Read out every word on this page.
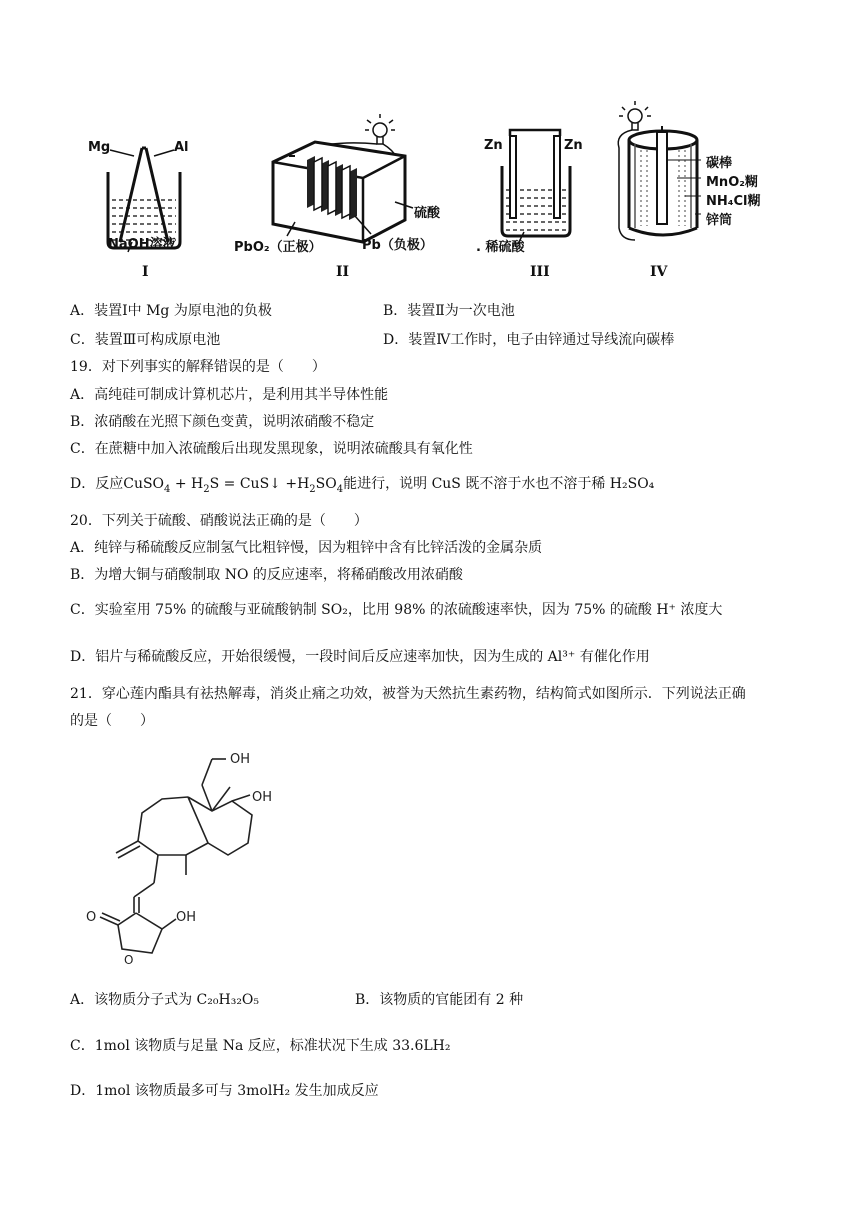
Mg	Al
NaOH溶液
I
硫酸
PbO₂（正极）	Pb（负极）
II
Zn	Zn
. 稀硫酸
III
碳棒
MnO₂糊
NH₄Cl糊
锌筒
IV
A．装置Ⅰ中 Mg 为原电池的负极	B．装置Ⅱ为一次电池
C．装置Ⅲ可构成原电池	D．装置Ⅳ工作时，电子由锌通过导线流向碳棒
19．对下列事实的解释错误的是（　　）
A．高纯硅可制成计算机芯片，是利用其半导体性能
B．浓硝酸在光照下颜色变黄，说明浓硝酸不稳定
C．在蔗糖中加入浓硫酸后出现发黑现象，说明浓硫酸具有氧化性
D．反应CuSO$_4$ + $H_2S$ = CuS↓ $+H_2SO_4$能进行，说明 CuS 既不溶于水也不溶于稀 H₂SO₄
20．下列关于硫酸、硝酸说法正确的是（　　）
A．纯锌与稀硫酸反应制氢气比粗锌慢，因为粗锌中含有比锌活泼的金属杂质
B．为增大铜与硝酸制取 NO 的反应速率，将稀硝酸改用浓硝酸
C．实验室用 75% 的硫酸与亚硫酸钠制 SO₂，比用 98% 的浓硫酸速率快，因为 75% 的硫酸 H⁺ 浓度大
D．铝片与稀硫酸反应，开始很缓慢，一段时间后反应速率加快，因为生成的 Al³⁺ 有催化作用
21．穿心莲内酯具有祛热解毒，消炎止痛之功效，被誉为天然抗生素药物，结构简式如图所示．下列说法正确
的是（　　）
OH
OH
OH
O
O
A．该物质分子式为 C₂₀H₃₂O₅	B．该物质的官能团有 2 种
C．1mol 该物质与足量 Na 反应，标准状况下生成 33.6LH₂
D．1mol 该物质最多可与 3molH₂ 发生加成反应
